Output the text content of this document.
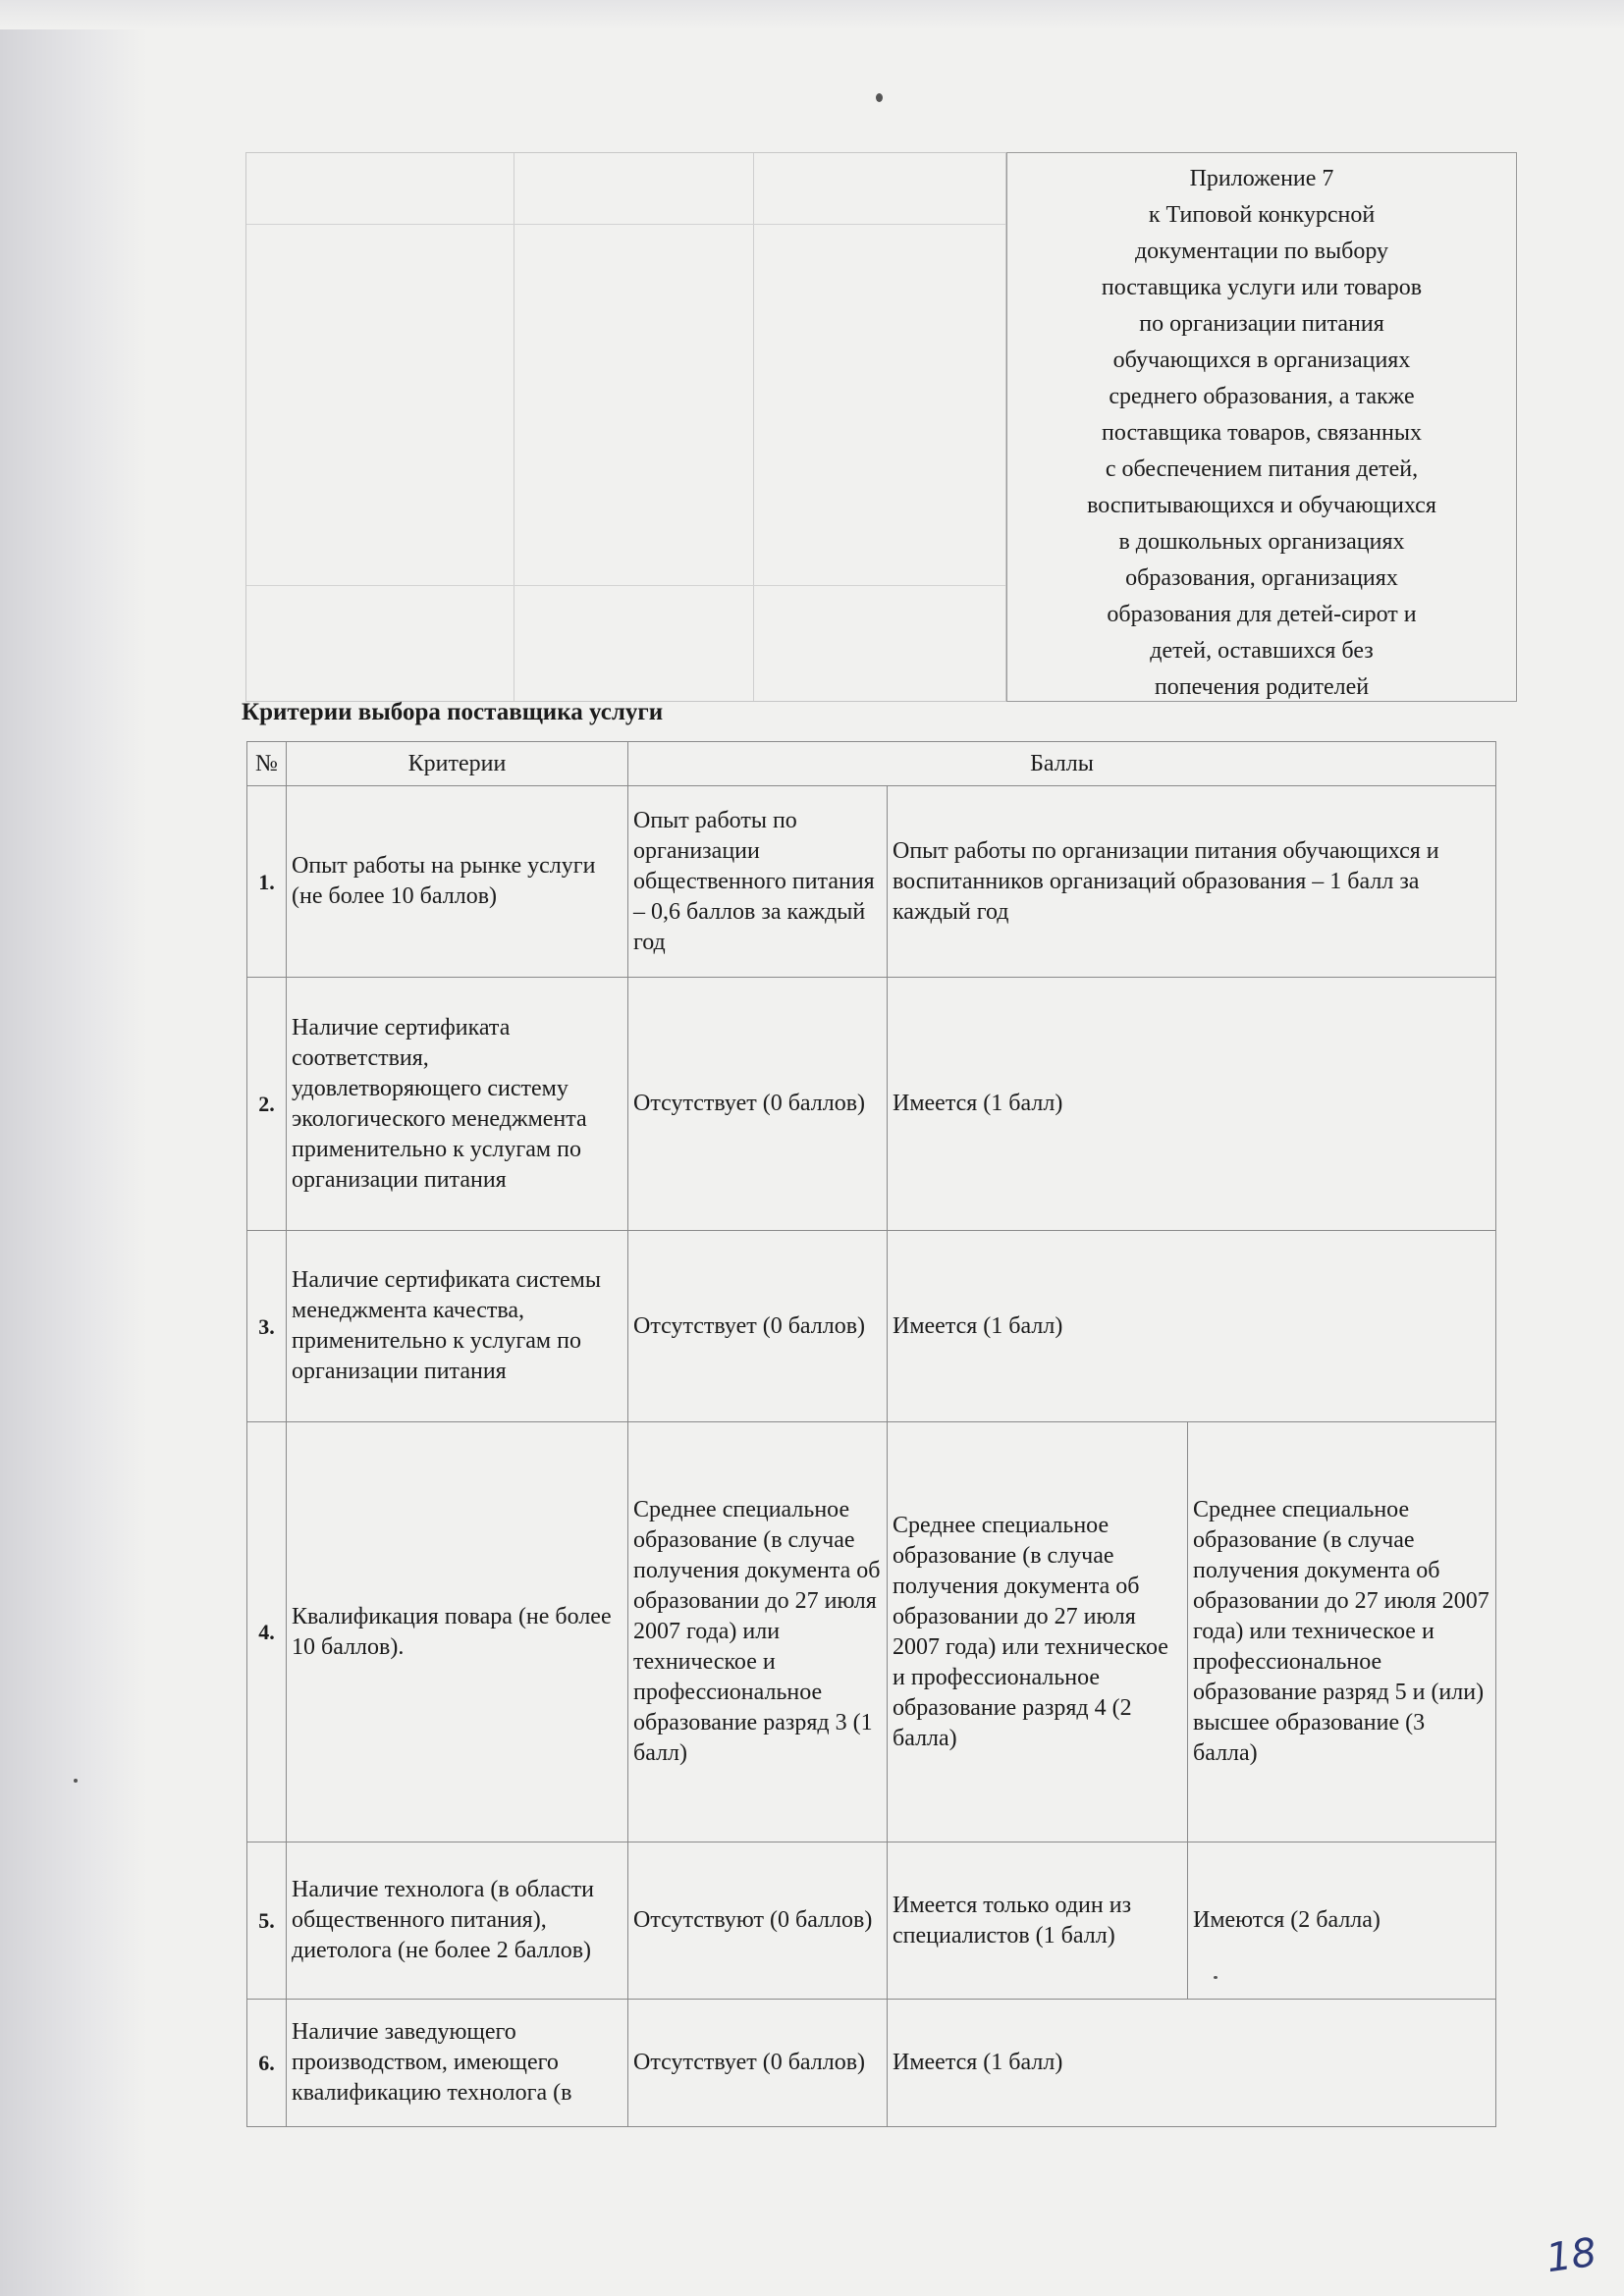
Приложение 7
к Типовой конкурсной
документации по выбору
поставщика услуги или товаров
по организации питания
обучающихся в организациях
среднего образования, а также
поставщика товаров, связанных
с обеспечением питания детей,
воспитывающихся и обучающихся
в дошкольных организациях
образования, организациях
образования для детей-сирот и
детей, оставшихся без
попечения родителей
Критерии выбора поставщика услуги
№	Критерии	Баллы		
1.	Опыт работы на рынке услуги (не более 10 баллов)	Опыт работы по организации общественного питания – 0,6 баллов за каждый год	Опыт работы по организации питания обучающихся и воспитанников организаций образования – 1 балл за каждый год	
2.	Наличие сертификата соответствия, удовлетворяющего систему экологического менеджмента применительно к услугам по организации питания	Отсутствует (0 баллов)	Имеется (1 балл)	
3.	Наличие сертификата системы менеджмента качества, применительно к услугам по организации питания	Отсутствует (0 баллов)	Имеется (1 балл)	
4.	Квалификация повара (не более 10 баллов).	Среднее специальное образование (в случае получения документа об образовании до 27 июля 2007 года) или техническое и профессиональное образование разряд 3 (1 балл)	Среднее специальное образование (в случае получения документа об образовании до 27 июля 2007 года) или техническое и профессиональное образование разряд 4 (2 балла)	Среднее специальное образование (в случае получения документа об образовании до 27 июля 2007 года) или техническое и профессиональное образование разряд 5 и (или) высшее образование (3 балла)
5.	Наличие технолога (в области общественного питания), диетолога (не более 2 баллов)	Отсутствуют (0 баллов)	Имеется только один из специалистов (1 балл)	Имеются (2 балла)
6.	Наличие заведующего производством, имеющего квалификацию технолога (в	Отсутствует (0 баллов)	Имеется (1 балл)	
18
